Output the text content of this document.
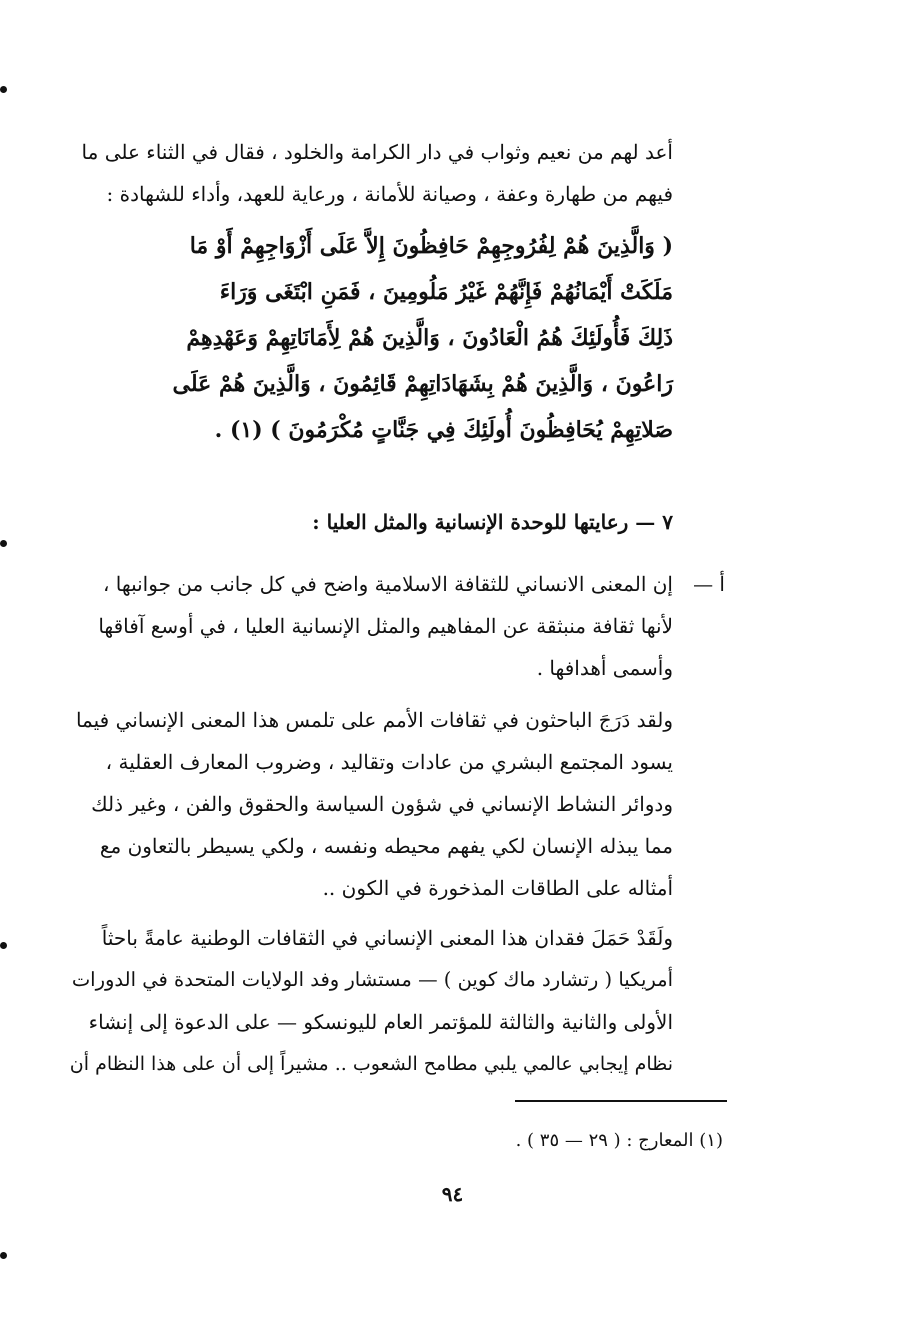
أعد لهم من نعيم وثواب في دار الكرامة والخلود ، فقال في الثناء على ما
فيهم من طهارة وعفة ، وصيانة للأمانة ، ورعاية للعهد، وأداء للشهادة :
( وَالَّذِينَ هُمْ لِفُرُوجِهِمْ حَافِظُونَ إِلاَّ عَلَى أَزْوَاجِهِمْ أَوْ مَا
مَلَكَتْ أَيْمَانُهُمْ فَإِنَّهُمْ غَيْرُ مَلُومِينَ ، فَمَنِ ابْتَغَى وَرَاءَ
ذَلِكَ فَأُولَئِكَ هُمُ الْعَادُونَ ، وَالَّذِينَ هُمْ لِأَمَانَاتِهِمْ وَعَهْدِهِمْ
رَاعُونَ ، وَالَّذِينَ هُمْ بِشَهَادَاتِهِمْ قَائِمُونَ ، وَالَّذِينَ هُمْ عَلَى
صَلاتِهِمْ يُحَافِظُونَ أُولَئِكَ فِي جَنَّاتٍ مُكْرَمُونَ ) (١) .
٧ — رعايتها للوحدة الإنسانية والمثل العليا :
أ —
إن المعنى الانساني للثقافة الاسلامية واضح في كل جانب من جوانبها ،
لأنها ثقافة منبثقة عن المفاهيم والمثل الإنسانية العليا ، في أوسع آفاقها
وأسمى أهدافها .
ولقد دَرَجَ الباحثون في ثقافات الأمم على تلمس هذا المعنى الإنساني فيما
يسود المجتمع البشري من عادات وتقاليد ، وضروب المعارف العقلية ،
ودوائر النشاط الإنساني في شؤون السياسة والحقوق والفن ، وغير ذلك
مما يبذله الإنسان لكي يفهم محيطه ونفسه ، ولكي يسيطر بالتعاون مع
أمثاله على الطاقات المذخورة في الكون ..
ولَقَدْ حَمَلَ فقدان هذا المعنى الإنساني في الثقافات الوطنية عامةً باحثاً
أمريكيا ( رتشارد ماك كوين ) — مستشار وفد الولايات المتحدة في الدورات
الأولى والثانية والثالثة للمؤتمر العام لليونسكو — على الدعوة إلى إنشاء
نظام إيجابي عالمي يلبي مطامح الشعوب .. مشيراً إلى أن على هذا النظام أن
(١) المعارج : ( ٢٩ — ٣٥ ) .
٩٤
